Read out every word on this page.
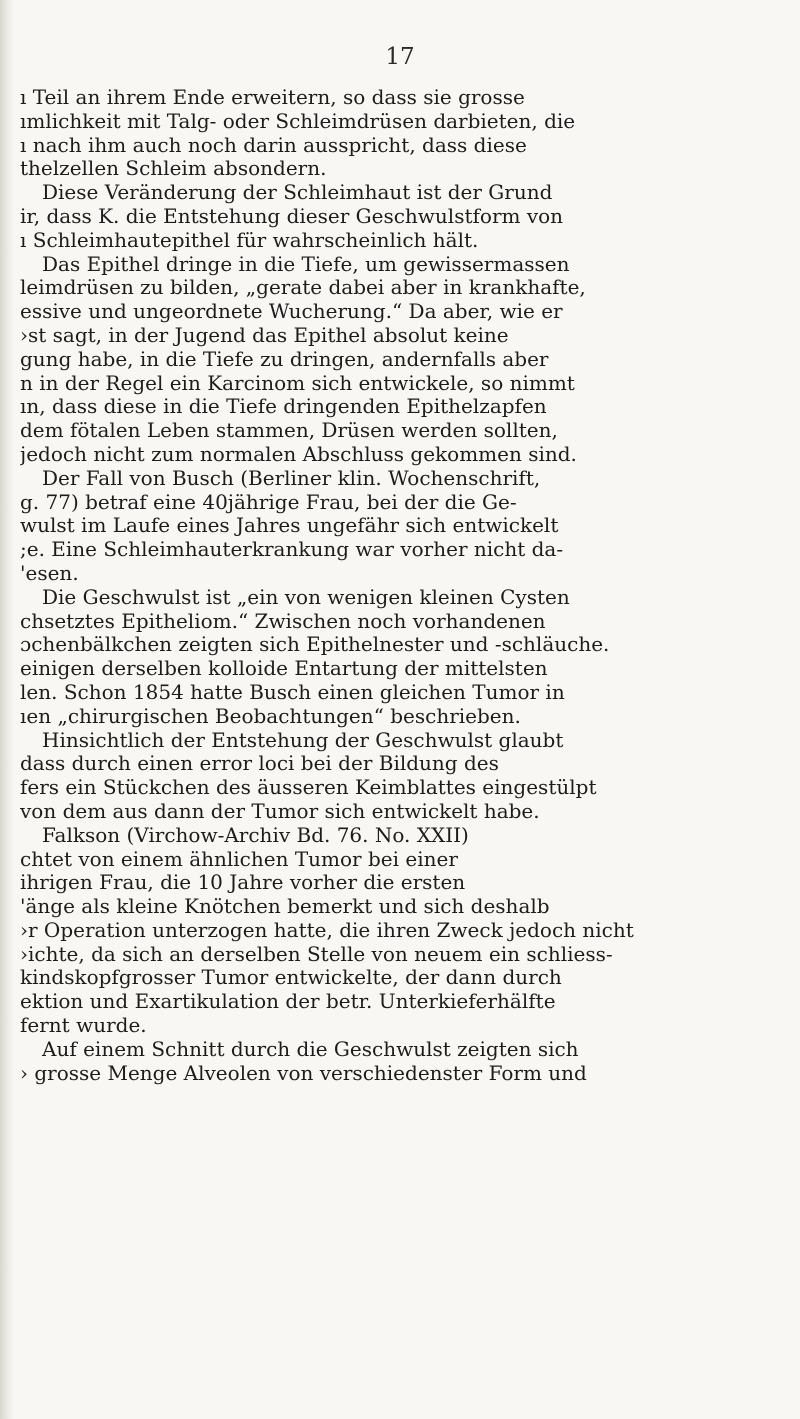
17
ı Teil an ihrem Ende erweitern, so dass sie grosse
ımlichkeit mit Talg- oder Schleimdrüsen darbieten, die
ı nach ihm auch noch darin ausspricht, dass diese
thelzellen Schleim absondern.
Diese Veränderung der Schleimhaut ist der Grund
ir, dass K. die Entstehung dieser Geschwulstform von
ı Schleimhautepithel für wahrscheinlich hält.
Das Epithel dringe in die Tiefe, um gewissermassen
leimdrüsen zu bilden, „gerate dabei aber in krankhafte,
essive und ungeordnete Wucherung.“ Da aber, wie er
›st sagt, in der Jugend das Epithel absolut keine
gung habe, in die Tiefe zu dringen, andernfalls aber
n in der Regel ein Karcinom sich entwickele, so nimmt
ın, dass diese in die Tiefe dringenden Epithelzapfen
dem fötalen Leben stammen, Drüsen werden sollten,
jedoch nicht zum normalen Abschluss gekommen sind.
Der Fall von Busch (Berliner klin. Wochenschrift,
g. 77) betraf eine 40jährige Frau, bei der die Ge-
wulst im Laufe eines Jahres ungefähr sich entwickelt
;e. Eine Schleimhauterkrankung war vorher nicht da-
'esen.
Die Geschwulst ist „ein von wenigen kleinen Cysten
chsetztes Epitheliom.“ Zwischen noch vorhandenen
ɔchenbälkchen zeigten sich Epithelnester und -schläuche.
einigen derselben kolloide Entartung der mittelsten
len. Schon 1854 hatte Busch einen gleichen Tumor in
ıen „chirurgischen Beobachtungen“ beschrieben.
Hinsichtlich der Entstehung der Geschwulst glaubt
dass durch einen error loci bei der Bildung des
fers ein Stückchen des äusseren Keimblattes eingestülpt
von dem aus dann der Tumor sich entwickelt habe.
Falkson (Virchow-Archiv Bd. 76. No. XXII)
chtet von einem ähnlichen Tumor bei einer
ihrigen Frau, die 10 Jahre vorher die ersten
'änge als kleine Knötchen bemerkt und sich deshalb
›r Operation unterzogen hatte, die ihren Zweck jedoch nicht
›ichte, da sich an derselben Stelle von neuem ein schliess-
kindskopfgrosser Tumor entwickelte, der dann durch
ektion und Exartikulation der betr. Unterkieferhälfte
fernt wurde.
Auf einem Schnitt durch die Geschwulst zeigten sich
› grosse Menge Alveolen von verschiedenster Form und
